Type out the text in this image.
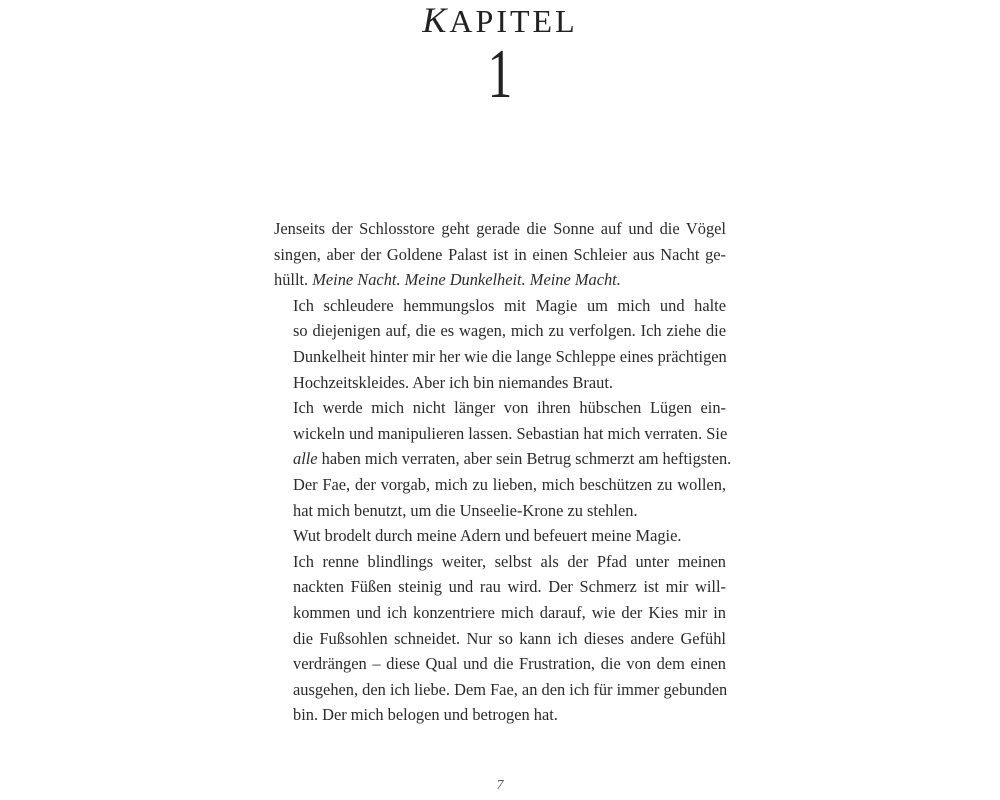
KAPITEL
1

Jenseits der Schlosstore geht gerade die Sonne auf und die Vögel
singen, aber der Goldene Palast ist in einen Schleier aus Nacht ge-
hüllt. Meine Nacht. Meine Dunkelheit. Meine Macht.

Ich schleudere hemmungslos mit Magie um mich und halte
so diejenigen auf, die es wagen, mich zu verfolgen. Ich ziehe die
Dunkelheit hinter mir her wie die lange Schleppe eines prächtigen
Hochzeitskleides. Aber ich bin niemandes Braut.

Ich werde mich nicht länger von ihren hübschen Lügen ein-
wickeln und manipulieren lassen. Sebastian hat mich verraten. Sie
alle haben mich verraten, aber sein Betrug schmerzt am heftigsten.
Der Fae, der vorgab, mich zu lieben, mich beschützen zu wollen,
hat mich benutzt, um die Unseelie-Krone zu stehlen.

Wut brodelt durch meine Adern und befeuert meine Magie.

Ich renne blindlings weiter, selbst als der Pfad unter meinen
nackten Füßen steinig und rau wird. Der Schmerz ist mir will-
kommen und ich konzentriere mich darauf, wie der Kies mir in
die Fußsohlen schneidet. Nur so kann ich dieses andere Gefühl
verdrängen – diese Qual und die Frustration, die von dem einen
ausgehen, den ich liebe. Dem Fae, an den ich für immer gebunden
bin. Der mich belogen und betrogen hat.

7
